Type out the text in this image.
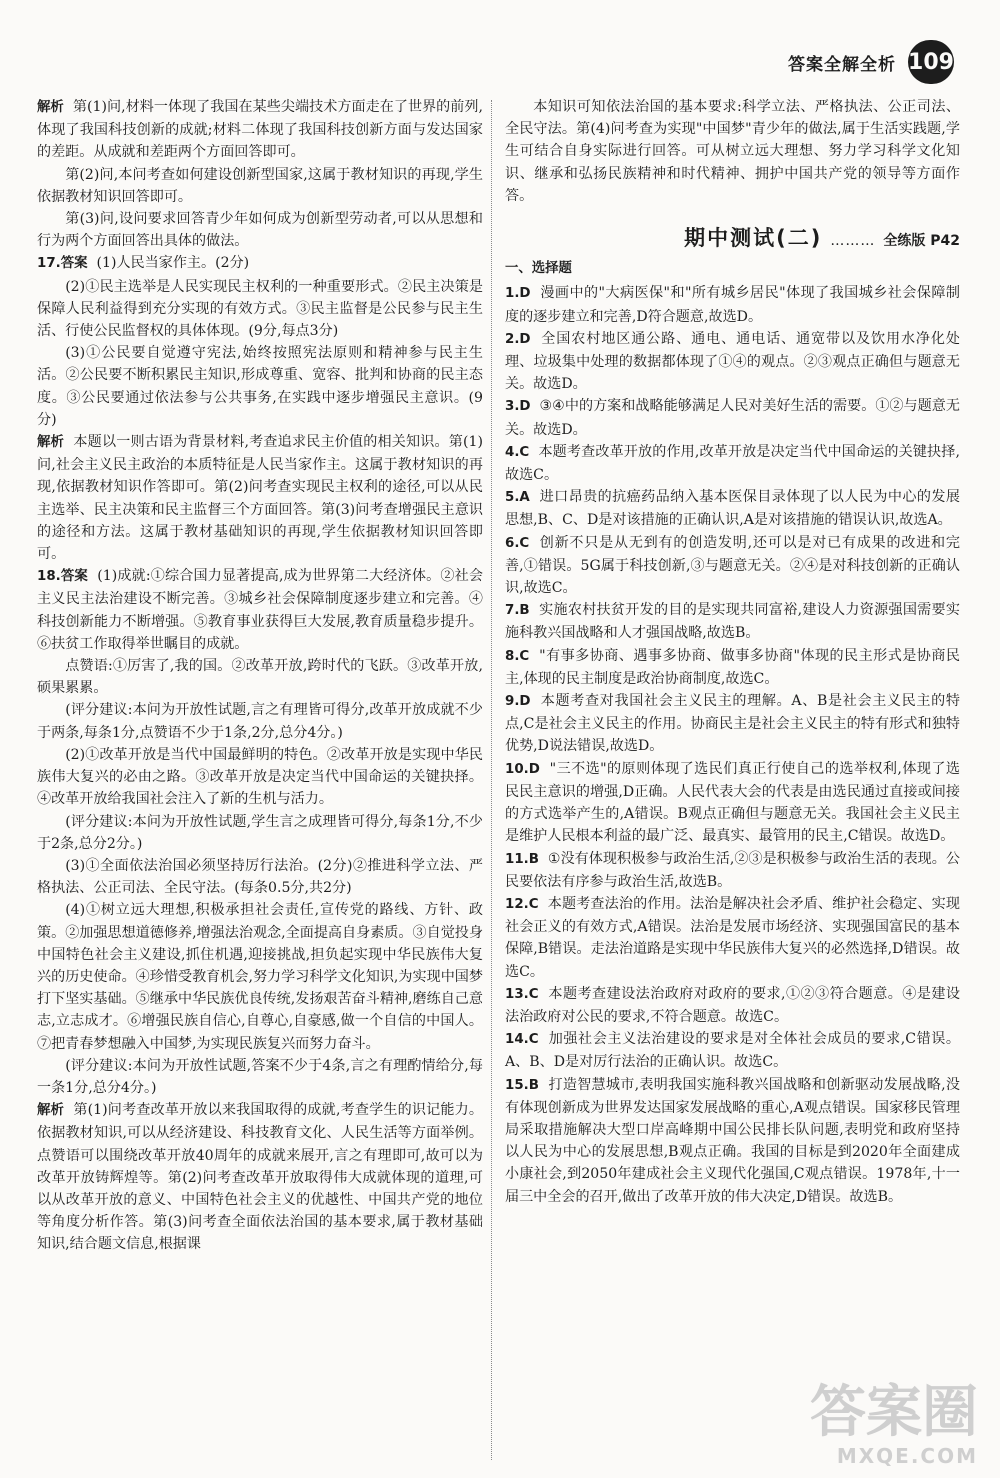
答案全解全析 109
解析 第(1)问,材料一体现了我国在某些尖端技术方面走在了世界的前列,体现了我国科技创新的成就;材料二体现了我国科技创新方面与发达国家的差距。从成就和差距两个方面回答即可。
第(2)问,本问考查如何建设创新型国家,这属于教材知识的再现,学生依据教材知识回答即可。
第(3)问,设问要求回答青少年如何成为创新型劳动者,可以从思想和行为两个方面回答出具体的做法。
17.答案 (1)人民当家作主。(2分)
(2)①民主选举是人民实现民主权利的一种重要形式。②民主决策是保障人民利益得到充分实现的有效方式。③民主监督是公民参与民主生活、行使公民监督权的具体体现。(9分,每点3分)
(3)①公民要自觉遵守宪法,始终按照宪法原则和精神参与民主生活。②公民要不断积累民主知识,形成尊重、宽容、批判和协商的民主态度。③公民要通过依法参与公共事务,在实践中逐步增强民主意识。(9分)
解析 本题以一则古语为背景材料,考查追求民主价值的相关知识。第(1)问,社会主义民主政治的本质特征是人民当家作主。这属于教材知识的再现,依据教材知识作答即可。第(2)问考查实现民主权利的途径,可以从民主选举、民主决策和民主监督三个方面回答。第(3)问考查增强民主意识的途径和方法。这属于教材基础知识的再现,学生依据教材知识回答即可。
18.答案 (1)成就:①综合国力显著提高,成为世界第二大经济体。②社会主义民主法治建设不断完善。③城乡社会保障制度逐步建立和完善。④科技创新能力不断增强。⑤教育事业获得巨大发展,教育质量稳步提升。⑥扶贫工作取得举世瞩目的成就。
点赞语:①厉害了,我的国。②改革开放,跨时代的飞跃。③改革开放,硕果累累。
(评分建议:本问为开放性试题,言之有理皆可得分,改革开放成就不少于两条,每条1分,点赞语不少于1条,2分,总分4分。)
(2)①改革开放是当代中国最鲜明的特色。②改革开放是实现中华民族伟大复兴的必由之路。③改革开放是决定当代中国命运的关键抉择。④改革开放给我国社会注入了新的生机与活力。
(评分建议:本问为开放性试题,学生言之成理皆可得分,每条1分,不少于2条,总分2分。)
(3)①全面依法治国必须坚持厉行法治。(2分)②推进科学立法、严格执法、公正司法、全民守法。(每条0.5分,共2分)
(4)①树立远大理想,积极承担社会责任,宣传党的路线、方针、政策。②加强思想道德修养,增强法治观念,全面提高自身素质。③自觉投身中国特色社会主义建设,抓住机遇,迎接挑战,担负起实现中华民族伟大复兴的历史使命。④珍惜受教育机会,努力学习科学文化知识,为实现中国梦打下坚实基础。⑤继承中华民族优良传统,发扬艰苦奋斗精神,磨练自己意志,立志成才。⑥增强民族自信心,自尊心,自豪感,做一个自信的中国人。⑦把青春梦想融入中国梦,为实现民族复兴而努力奋斗。
(评分建议:本问为开放性试题,答案不少于4条,言之有理酌情给分,每一条1分,总分4分。)
解析 第(1)问考查改革开放以来我国取得的成就,考查学生的识记能力。依据教材知识,可以从经济建设、科技教育文化、人民生活等方面举例。点赞语可以围绕改革开放40周年的成就来展开,言之有理即可,故可以为改革开放铸辉煌等。第(2)问考查改革开放取得伟大成就体现的道理,可以从改革开放的意义、中国特色社会主义的优越性、中国共产党的地位等角度分析作答。第(3)问考查全面依法治国的基本要求,属于教材基础知识,结合题文信息,根据课
本知识可知依法治国的基本要求:科学立法、严格执法、公正司法、全民守法。第(4)问考查为实现"中国梦"青少年的做法,属于生活实践题,学生可结合自身实际进行回答。可从树立远大理想、努力学习科学文化知识、继承和弘扬民族精神和时代精神、拥护中国共产党的领导等方面作答。
期中测试(二) ……… 全练版 P42
一、选择题
1.D 漫画中的"大病医保"和"所有城乡居民"体现了我国城乡社会保障制度的逐步建立和完善,D符合题意,故选D。
2.D 全国农村地区通公路、通电、通电话、通宽带以及饮用水净化处理、垃圾集中处理的数据都体现了①④的观点。②③观点正确但与题意无关。故选D。
3.D ③④中的方案和战略能够满足人民对美好生活的需要。①②与题意无关。故选D。
4.C 本题考查改革开放的作用,改革开放是决定当代中国命运的关键抉择,故选C。
5.A 进口昂贵的抗癌药品纳入基本医保目录体现了以人民为中心的发展思想,B、C、D是对该措施的正确认识,A是对该措施的错误认识,故选A。
6.C 创新不只是从无到有的创造发明,还可以是对已有成果的改进和完善,①错误。5G属于科技创新,③与题意无关。②④是对科技创新的正确认识,故选C。
7.B 实施农村扶贫开发的目的是实现共同富裕,建设人力资源强国需要实施科教兴国战略和人才强国战略,故选B。
8.C "有事多协商、遇事多协商、做事多协商"体现的民主形式是协商民主,体现的民主制度是政治协商制度,故选C。
9.D 本题考查对我国社会主义民主的理解。A、B是社会主义民主的特点,C是社会主义民主的作用。协商民主是社会主义民主的特有形式和独特优势,D说法错误,故选D。
10.D "三不选"的原则体现了选民们真正行使自己的选举权利,体现了选民民主意识的增强,D正确。人民代表大会的代表是由选民通过直接或间接的方式选举产生的,A错误。B观点正确但与题意无关。我国社会主义民主是维护人民根本利益的最广泛、最真实、最管用的民主,C错误。故选D。
11.B ①没有体现积极参与政治生活,②③是积极参与政治生活的表现。公民要依法有序参与政治生活,故选B。
12.C 本题考查法治的作用。法治是解决社会矛盾、维护社会稳定、实现社会正义的有效方式,A错误。法治是发展市场经济、实现强国富民的基本保障,B错误。走法治道路是实现中华民族伟大复兴的必然选择,D错误。故选C。
13.C 本题考查建设法治政府对政府的要求,①②③符合题意。④是建设法治政府对公民的要求,不符合题意。故选C。
14.C 加强社会主义法治建设的要求是对全体社会成员的要求,C错误。A、B、D是对厉行法治的正确认识。故选C。
15.B 打造智慧城市,表明我国实施科教兴国战略和创新驱动发展战略,没有体现创新成为世界发达国家发展战略的重心,A观点错误。国家移民管理局采取措施解决大型口岸高峰期中国公民排长队问题,表明党和政府坚持以人民为中心的发展思想,B观点正确。我国的目标是到2020年全面建成小康社会,到2050年建成社会主义现代化强国,C观点错误。1978年,十一届三中全会的召开,做出了改革开放的伟大决定,D错误。故选B。
答案圈
MXQE.COM
